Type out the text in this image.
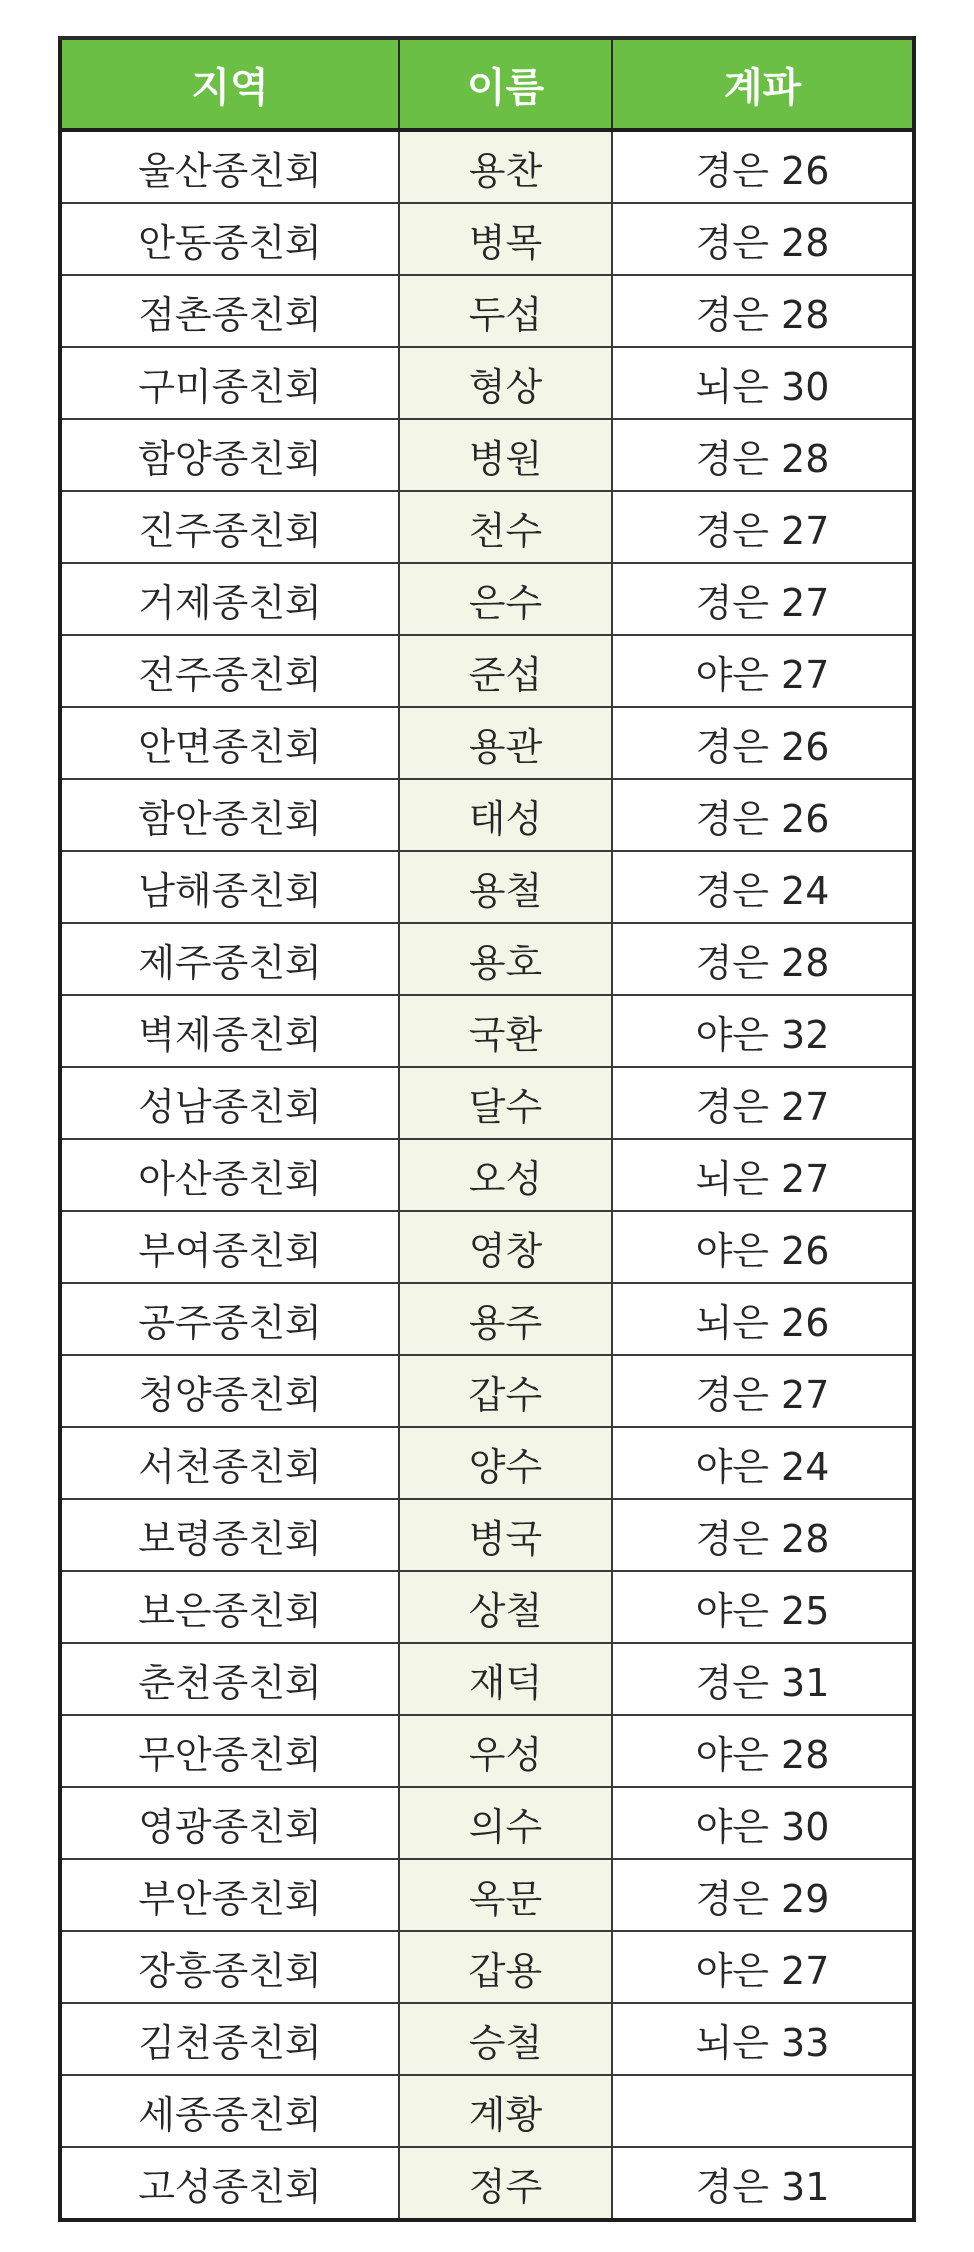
지역	이름	계파
울산종친회	용찬	경은 26
안동종친회	병목	경은 28
점촌종친회	두섭	경은 28
구미종친회	형상	뇌은 30
함양종친회	병원	경은 28
진주종친회	천수	경은 27
거제종친회	은수	경은 27
전주종친회	준섭	야은 27
안면종친회	용관	경은 26
함안종친회	태성	경은 26
남해종친회	용철	경은 24
제주종친회	용호	경은 28
벽제종친회	국환	야은 32
성남종친회	달수	경은 27
아산종친회	오성	뇌은 27
부여종친회	영창	야은 26
공주종친회	용주	뇌은 26
청양종친회	갑수	경은 27
서천종친회	양수	야은 24
보령종친회	병국	경은 28
보은종친회	상철	야은 25
춘천종친회	재덕	경은 31
무안종친회	우성	야은 28
영광종친회	의수	야은 30
부안종친회	옥문	경은 29
장흥종친회	갑용	야은 27
김천종친회	승철	뇌은 33
세종종친회	계황	
고성종친회	정주	경은 31
